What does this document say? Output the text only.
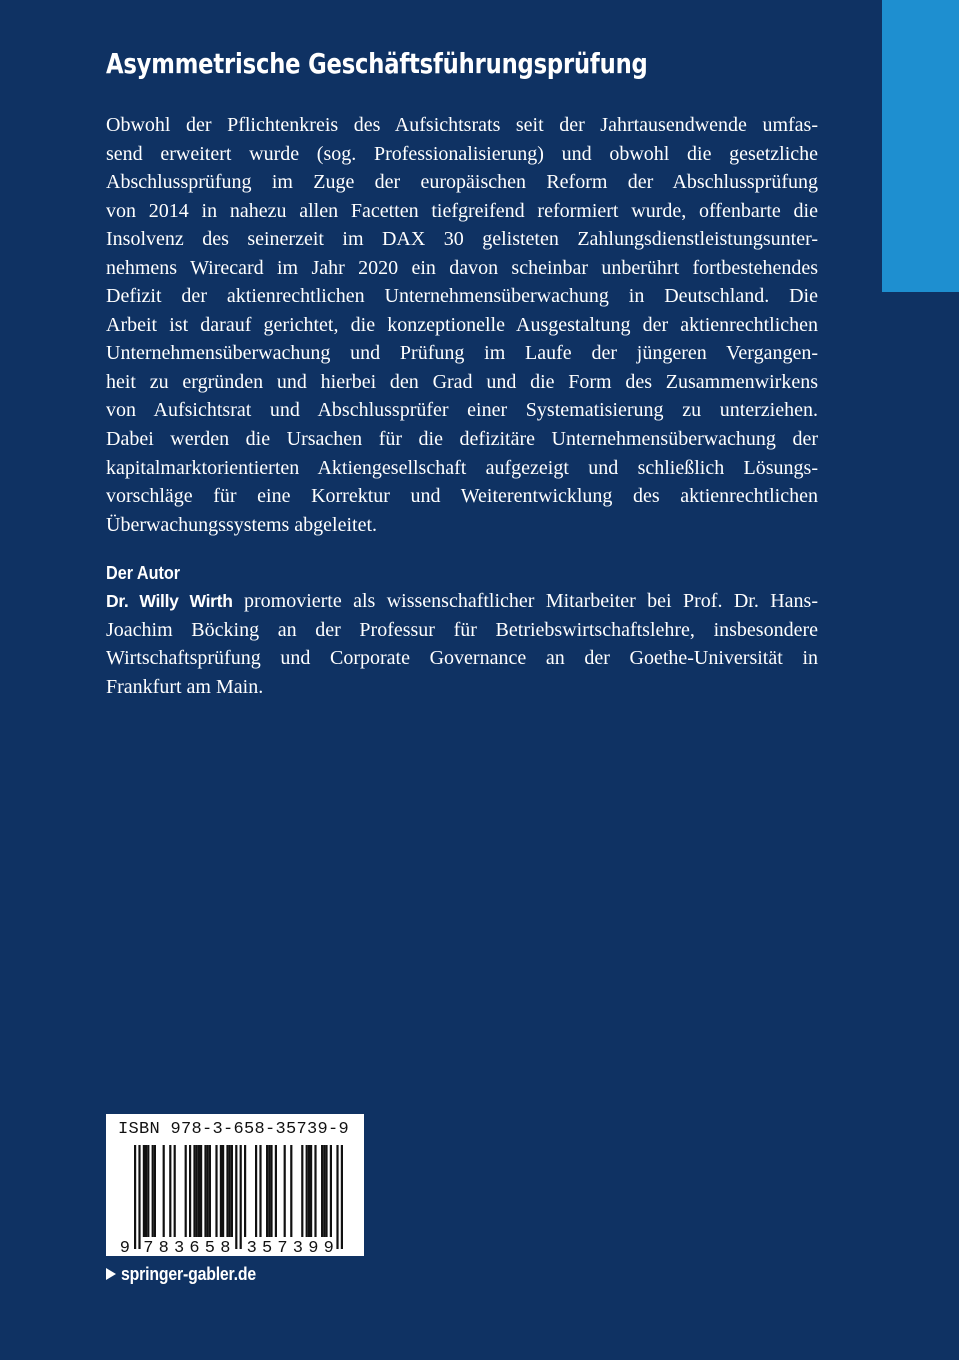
Asymmetrische Geschäftsführungsprüfung
Obwohl der Pflichtenkreis des Aufsichtsrats seit der Jahrtausendwende umfas-
send erweitert wurde (sog. Professionalisierung) und obwohl die gesetzliche
Abschlussprüfung im Zuge der europäischen Reform der Abschlussprüfung
von 2014 in nahezu allen Facetten tiefgreifend reformiert wurde, offenbarte die
Insolvenz des seinerzeit im DAX 30 gelisteten Zahlungsdienstleistungsunter-
nehmens Wirecard im Jahr 2020 ein davon scheinbar unberührt fortbestehendes
Defizit der aktienrechtlichen Unternehmensüberwachung in Deutschland. Die
Arbeit ist darauf gerichtet, die konzeptionelle Ausgestaltung der aktienrechtlichen
Unternehmensüberwachung und Prüfung im Laufe der jüngeren Vergangen-
heit zu ergründen und hierbei den Grad und die Form des Zusammenwirkens
von Aufsichtsrat und Abschlussprüfer einer Systematisierung zu unterziehen.
Dabei werden die Ursachen für die defizitäre Unternehmensüberwachung der
kapitalmarktorientierten Aktiengesellschaft aufgezeigt und schließlich Lösungs-
vorschläge für eine Korrektur und Weiterentwicklung des aktienrechtlichen
Überwachungssystems abgeleitet.
Der Autor
Dr. Willy Wirth promovierte als wissenschaftlicher Mitarbeiter bei Prof. Dr. Hans-
Joachim Böcking an der Professur für Betriebswirtschaftslehre, insbesondere
Wirtschaftsprüfung und Corporate Governance an der Goethe-Universität in
Frankfurt am Main.
ISBN 978-3-658-35739-9
9 7 8 3 6 5 8 3 5 7 3 9 9
springer-gabler.de
